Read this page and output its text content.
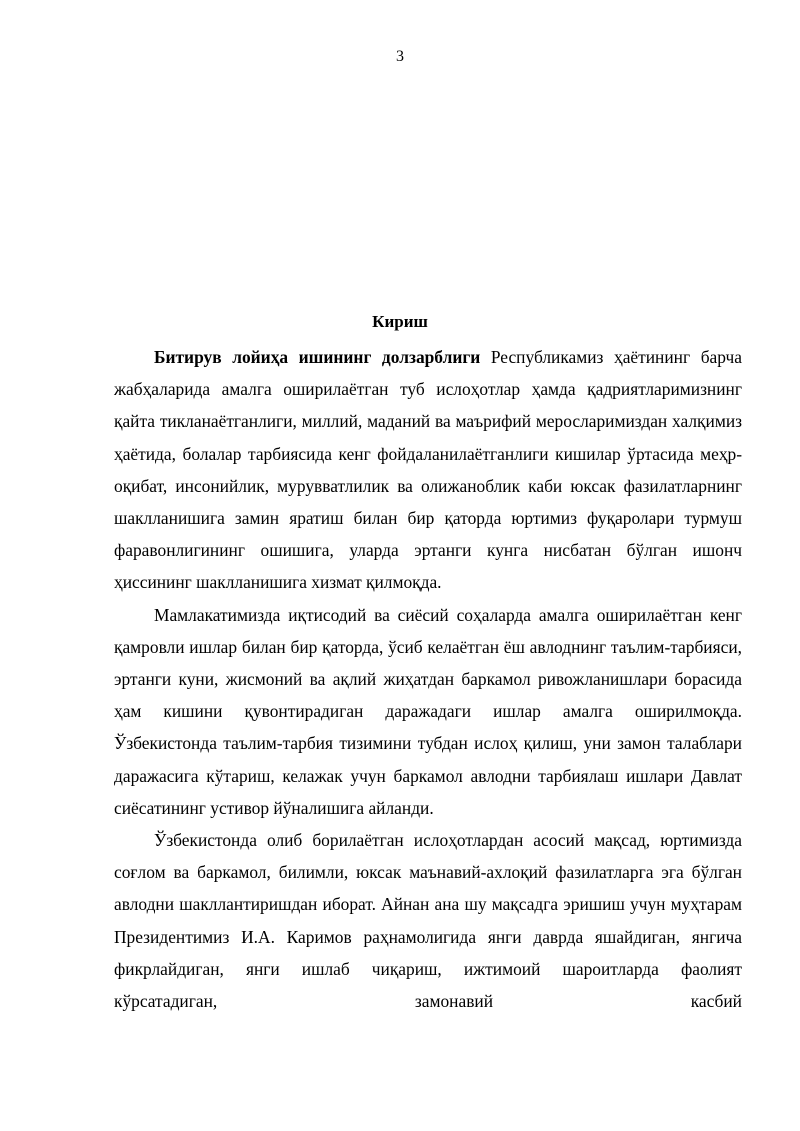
3
Кириш

Битирув лойиҳа ишининг долзарблиги Республикамиз ҳаётининг барча жабҳаларида амалга оширилаётган туб ислоҳотлар ҳамда қадриятларимизнинг қайта тикланаётганлиги, миллий, маданий ва маърифий меросларимиздан халқимиз ҳаётида, болалар тарбиясида кенг фойдаланилаётганлиги кишилар ўртасида меҳр-оқибат, инсонийлик, мурувватлилик ва олижаноблик каби юксак фазилатларнинг шаклланишига замин яратиш билан бир қаторда юртимиз фуқаролари турмуш фаравонлигининг ошишига, уларда эртанги кунга нисбатан бўлган ишонч ҳиссининг шаклланишига хизмат қилмоқда.

Мамлакатимизда иқтисодий ва сиёсий соҳаларда амалга оширилаётган кенг қамровли ишлар билан бир қаторда, ўсиб келаётган ёш авлоднинг таълим-тарбияси, эртанги куни, жисмоний ва ақлий жиҳатдан баркамол ривожланишлари борасида ҳам кишини қувонтирадиган даражадаги ишлар амалга оширилмоқда. Ўзбекистонда таълим-тарбия тизимини тубдан ислоҳ қилиш, уни замон талаблари даражасига кўтариш, келажак учун баркамол авлодни тарбиялаш ишлари Давлат сиёсатининг устивор йўналишига айланди.

Ўзбекистонда олиб борилаётган ислоҳотлардан асосий мақсад, юртимизда соғлом ва баркамол, билимли, юксак маънавий-ахлоқий фазилатларга эга бўлган авлодни шакллантиришдан иборат. Айнан ана шу мақсадга эришиш учун муҳтарам Президентимиз И.А. Каримов раҳнамолигида янги даврда яшайдиган, янгича фикрлайдиган, янги ишлаб чиқариш, ижтимоий шароитларда фаолият кўрсатадиган, замонавий касбий
